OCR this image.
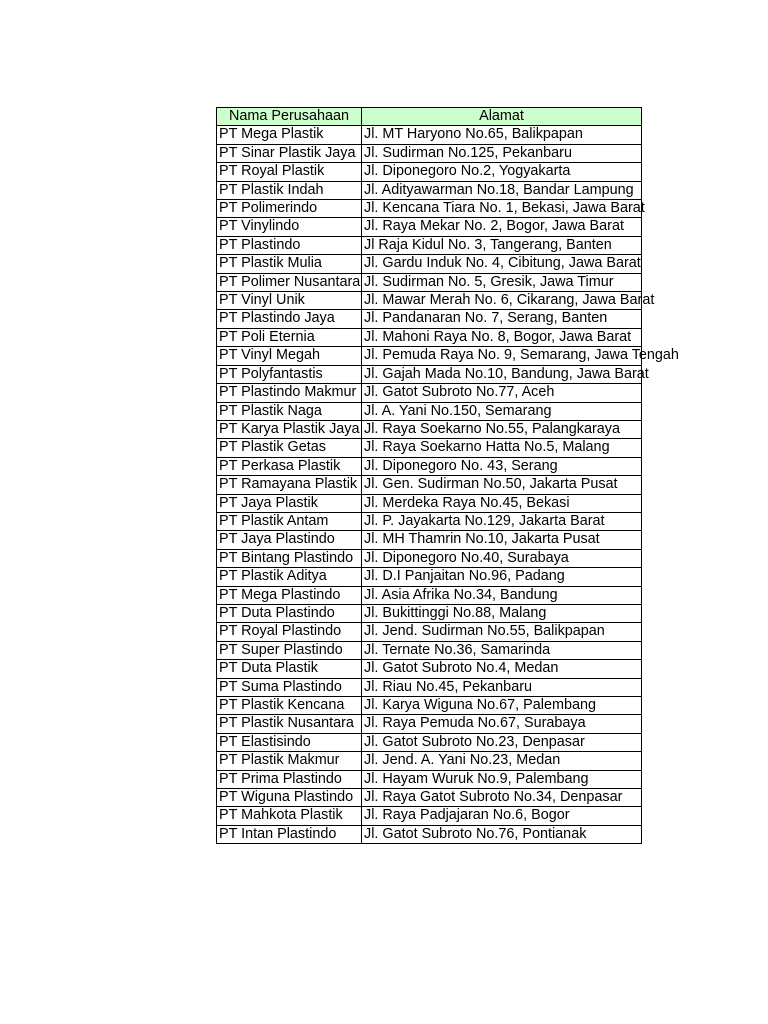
Nama Perusahaan	Alamat
PT Mega Plastik	Jl. MT Haryono No.65, Balikpapan
PT Sinar Plastik Jaya	Jl. Sudirman No.125, Pekanbaru
PT Royal Plastik	Jl. Diponegoro No.2, Yogyakarta
PT Plastik Indah	Jl. Adityawarman No.18, Bandar Lampung
PT Polimerindo	Jl. Kencana Tiara No. 1, Bekasi, Jawa Barat
PT Vinylindo	Jl. Raya Mekar No. 2, Bogor, Jawa Barat
PT Plastindo	Jl Raja Kidul No. 3, Tangerang, Banten
PT Plastik Mulia	Jl. Gardu Induk No. 4, Cibitung, Jawa Barat
PT Polimer Nusantara	Jl. Sudirman No. 5, Gresik, Jawa Timur
PT Vinyl Unik	Jl. Mawar Merah No. 6, Cikarang, Jawa Barat
PT Plastindo Jaya	Jl. Pandanaran No. 7, Serang, Banten
PT Poli Eternia	Jl. Mahoni Raya No. 8, Bogor, Jawa Barat
PT Vinyl Megah	Jl. Pemuda Raya No. 9, Semarang, Jawa Tengah
PT Polyfantastis	Jl. Gajah Mada No.10, Bandung, Jawa Barat
PT Plastindo Makmur	Jl. Gatot Subroto No.77, Aceh
PT Plastik Naga	Jl. A. Yani No.150, Semarang
PT Karya Plastik Jaya	Jl. Raya Soekarno No.55, Palangkaraya
PT Plastik Getas	Jl. Raya Soekarno Hatta No.5, Malang
PT Perkasa Plastik	Jl. Diponegoro No. 43, Serang
PT Ramayana Plastik	Jl. Gen. Sudirman No.50, Jakarta Pusat
PT Jaya Plastik	Jl. Merdeka Raya No.45, Bekasi
PT Plastik Antam	Jl. P. Jayakarta No.129, Jakarta Barat
PT Jaya Plastindo	Jl. MH Thamrin No.10, Jakarta Pusat
PT Bintang Plastindo	Jl. Diponegoro No.40, Surabaya
PT Plastik Aditya	Jl. D.I Panjaitan No.96, Padang
PT Mega Plastindo	Jl. Asia Afrika No.34, Bandung
PT Duta Plastindo	Jl. Bukittinggi No.88, Malang
PT Royal Plastindo	Jl. Jend. Sudirman No.55, Balikpapan
PT Super Plastindo	Jl. Ternate No.36, Samarinda
PT Duta Plastik	Jl. Gatot Subroto No.4, Medan
PT Suma Plastindo	Jl. Riau No.45, Pekanbaru
PT Plastik Kencana	Jl. Karya Wiguna No.67, Palembang
PT Plastik Nusantara	Jl. Raya Pemuda No.67, Surabaya
PT Elastisindo	Jl. Gatot Subroto No.23, Denpasar
PT Plastik Makmur	Jl. Jend. A. Yani No.23, Medan
PT Prima Plastindo	Jl. Hayam Wuruk No.9, Palembang
PT Wiguna Plastindo	Jl. Raya Gatot Subroto No.34, Denpasar
PT Mahkota Plastik	Jl. Raya Padjajaran No.6, Bogor
PT Intan Plastindo	Jl. Gatot Subroto No.76, Pontianak
